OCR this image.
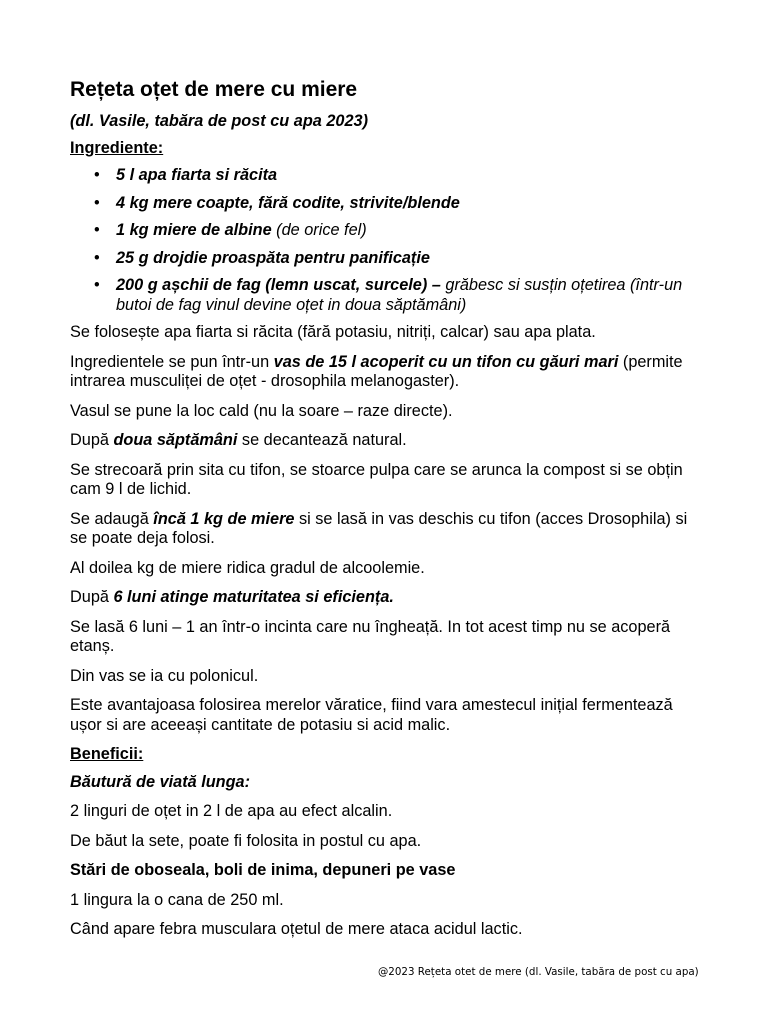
Rețeta oțet de mere cu miere

(dl. Vasile, tabăra de post cu apa 2023)

Ingrediente:

• 5 l apa fiarta si răcita
• 4 kg mere coapte, fără codite, strivite/blende
• 1 kg miere de albine (de orice fel)
• 25 g drojdie proaspăta pentru panificație
• 200 g așchii de fag (lemn uscat, surcele) – grăbesc si susțin oțetirea (într-un butoi de fag vinul devine oțet in doua săptămâni)

Se folosește apa fiarta si răcita (fără potasiu, nitriți, calcar) sau apa plata.

Ingredientele se pun într-un vas de 15 l acoperit cu un tifon cu găuri mari (permite intrarea musculiței de oțet - drosophila melanogaster).

Vasul se pune la loc cald (nu la soare – raze directe).

După doua săptămâni se decantează natural.

Se strecoară prin sita cu tifon, se stoarce pulpa care se arunca la compost si se obțin cam 9 l de lichid.

Se adaugă încă 1 kg de miere si se lasă in vas deschis cu tifon (acces Drosophila) si se poate deja folosi.

Al doilea kg de miere ridica gradul de alcoolemie.

După 6 luni atinge maturitatea si eficiența.

Se lasă 6 luni – 1 an într-o incinta care nu îngheață. In tot acest timp nu se acoperă etanș.

Din vas se ia cu polonicul.

Este avantajoasa folosirea merelor văratice, fiind vara amestecul inițial fermentează ușor si are aceeași cantitate de potasiu si acid malic.

Beneficii:

Băutură de viată lunga:

2 linguri de oțet in 2 l de apa au efect alcalin.

De băut la sete, poate fi folosita in postul cu apa.

Stări de oboseala, boli de inima, depuneri pe vase

1 lingura la o cana de 250 ml.

Când apare febra musculara oțetul de mere ataca acidul lactic.

@2023 Rețeta otet de mere (dl. Vasile, tabăra de post cu apa)
